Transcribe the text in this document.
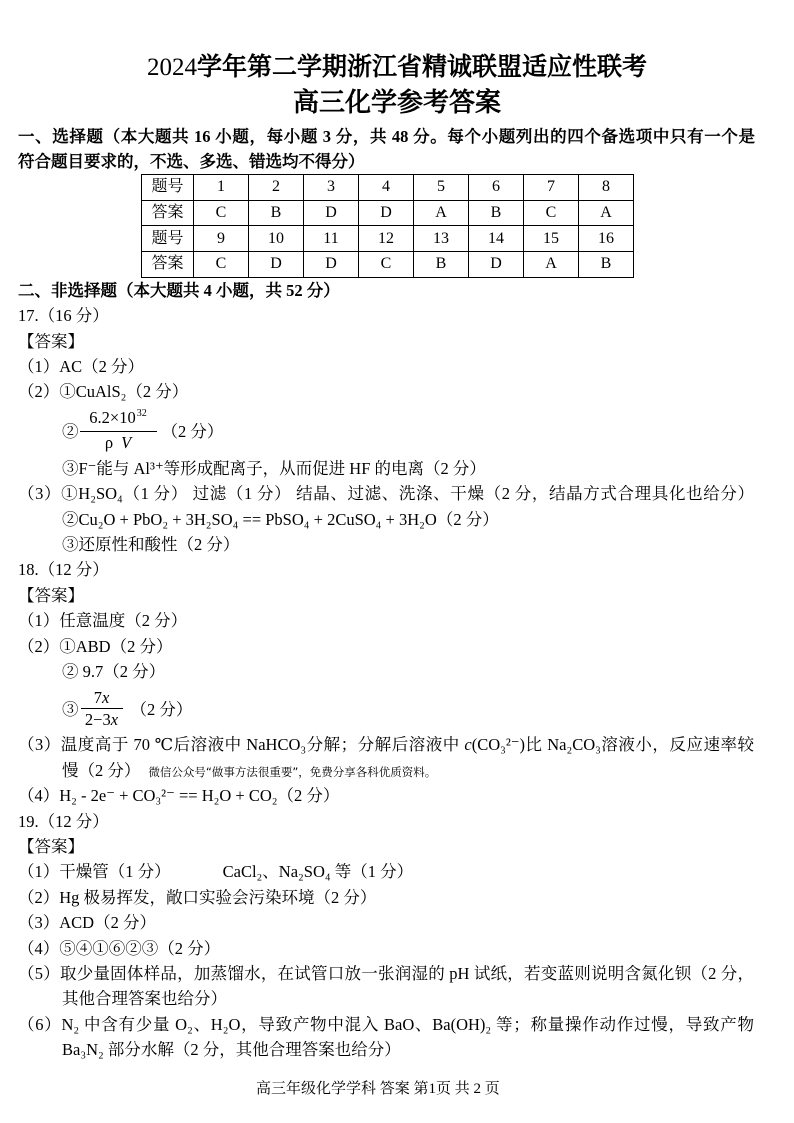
2024学年第二学期浙江省精诚联盟适应性联考
高三化学参考答案
一、选择题（本大题共 16 小题，每小题 3 分，共 48 分。每个小题列出的四个备选项中只有一个是
符合题目要求的，不选、多选、错选均不得分）
题号	1	2	3	4	5	6	7	8
答案	C	B	D	D	A	B	C	A
题号	9	10	11	12	13	14	15	16
答案	C	D	D	C	B	D	A	B
二、非选择题（本大题共 4 小题，共 52 分）
17.（16 分）
【答案】
（1）AC（2 分）
（2）①CuAlS₂（2 分）
② $\frac{6.2\times 10^{32}}{\text{ρ V}} (2$ 分）
③F⁻能与 Al³⁺等形成配离子，从而促进 HF 的电离（2 分）
（3）①H₂SO₄（1 分） 过滤（1 分） 结晶、过滤、洗涤、干燥（2 分，结晶方式合理具化也给分）
②Cu₂O + PbO₂ + 3H₂SO₄ == PbSO₄ + 2CuSO₄ + 3H₂O（2 分）
③还原性和酸性（2 分）
18.（12 分）
【答案】
（1）任意温度（2 分）
（2）①ABD（2 分）
② 9.7（2 分）
③ $\frac{7x}{2-3x} (2$ 分）
（3）温度高于 70 ℃后溶液中 NaHCO₃分解；分解后溶液中 c(CO₃²⁻)比 Na₂CO₃溶液小，反应速率较
慢（2 分） 微信公众号“做事方法很重要”，免费分享各科优质资料。
（4）H₂ - 2e⁻ + CO₃²⁻ == H₂O + CO₂（2 分）
19.（12 分）
【答案】
（1）干燥管（1 分）	CaCl₂、Na₂SO₄ 等（1 分）
（2）Hg 极易挥发，敞口实验会污染环境（2 分）
（3）ACD（2 分）
（4）⑤④①⑥②③（2 分）
（5）取少量固体样品，加蒸馏水，在试管口放一张润湿的 pH 试纸，若变蓝则说明含氮化钡（2 分，
其他合理答案也给分）
（6）N₂ 中含有少量 O₂、H₂O，导致产物中混入 BaO、Ba(OH)₂ 等；称量操作动作过慢，导致产物
Ba₃N₂ 部分水解（2 分，其他合理答案也给分）
高三年级化学学科 答案 第1页 共 2 页
